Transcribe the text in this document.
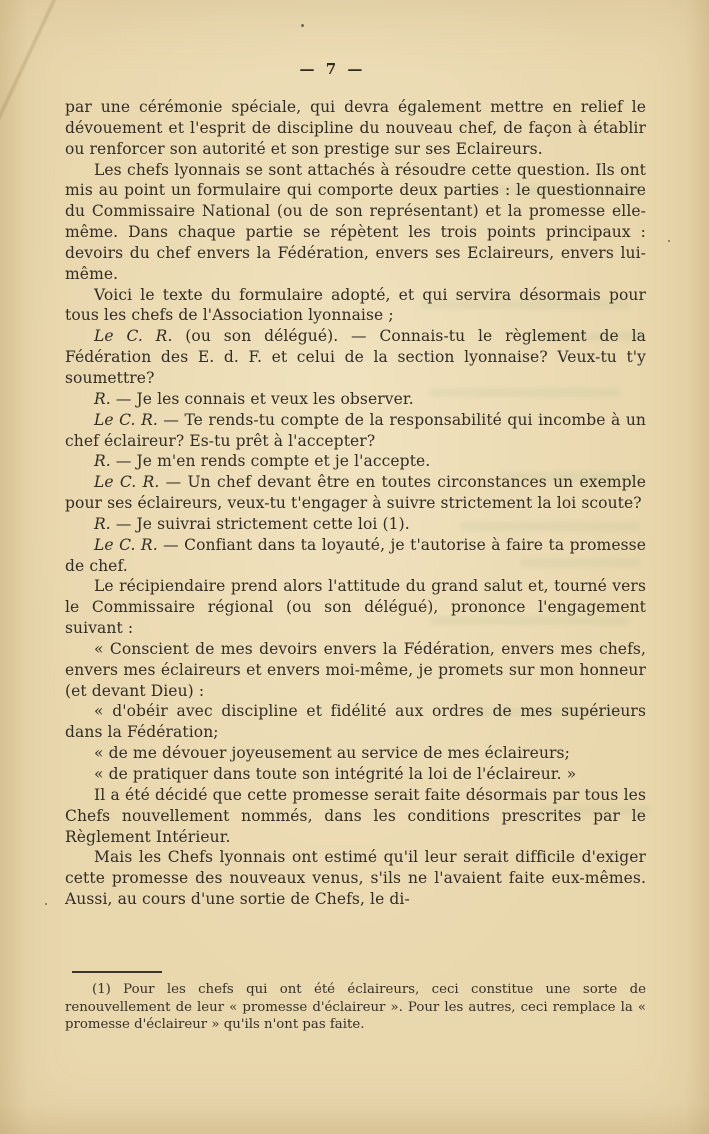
— 7 —

par une cérémonie spéciale, qui devra également mettre en relief le dévouement et l'esprit de discipline du nouveau chef, de façon à établir ou renforcer son autorité et son prestige sur ses Eclaireurs.

Les chefs lyonnais se sont attachés à résoudre cette question. Ils ont mis au point un formulaire qui comporte deux parties : le questionnaire du Commissaire National (ou de son représentant) et la promesse elle-même. Dans chaque partie se répètent les trois points principaux : devoirs du chef envers la Fédération, envers ses Eclaireurs, envers lui-même.

Voici le texte du formulaire adopté, et qui servira désormais pour tous les chefs de l'Association lyonnaise ;

Le C. R. (ou son délégué). — Connais-tu le règlement de la Fédération des E. d. F. et celui de la section lyonnaise? Veux-tu t'y soumettre?

R. — Je les connais et veux les observer.

Le C. R. — Te rends-tu compte de la responsabilité qui incombe à un chef éclaireur? Es-tu prêt à l'accepter?

R. — Je m'en rends compte et je l'accepte.

Le C. R. — Un chef devant être en toutes circonstances un exemple pour ses éclaireurs, veux-tu t'engager à suivre strictement la loi scoute?

R. — Je suivrai strictement cette loi (1).

Le C. R. — Confiant dans ta loyauté, je t'autorise à faire ta promesse de chef.

Le récipiendaire prend alors l'attitude du grand salut et, tourné vers le Commissaire régional (ou son délégué), prononce l'engagement suivant :

« Conscient de mes devoirs envers la Fédération, envers mes chefs, envers mes éclaireurs et envers moi-même, je promets sur mon honneur (et devant Dieu) :

« d'obéir avec discipline et fidélité aux ordres de mes supérieurs dans la Fédération;

« de me dévouer joyeusement au service de mes éclaireurs;

« de pratiquer dans toute son intégrité la loi de l'éclaireur. »

Il a été décidé que cette promesse serait faite désormais par tous les Chefs nouvellement nommés, dans les conditions prescrites par le Règlement Intérieur.

Mais les Chefs lyonnais ont estimé qu'il leur serait difficile d'exiger cette promesse des nouveaux venus, s'ils ne l'avaient faite eux-mêmes. Aussi, au cours d'une sortie de Chefs, le di-

(1) Pour les chefs qui ont été éclaireurs, ceci constitue une sorte de renouvellement de leur « promesse d'éclaireur ». Pour les autres, ceci remplace la « promesse d'éclaireur » qu'ils n'ont pas faite.
